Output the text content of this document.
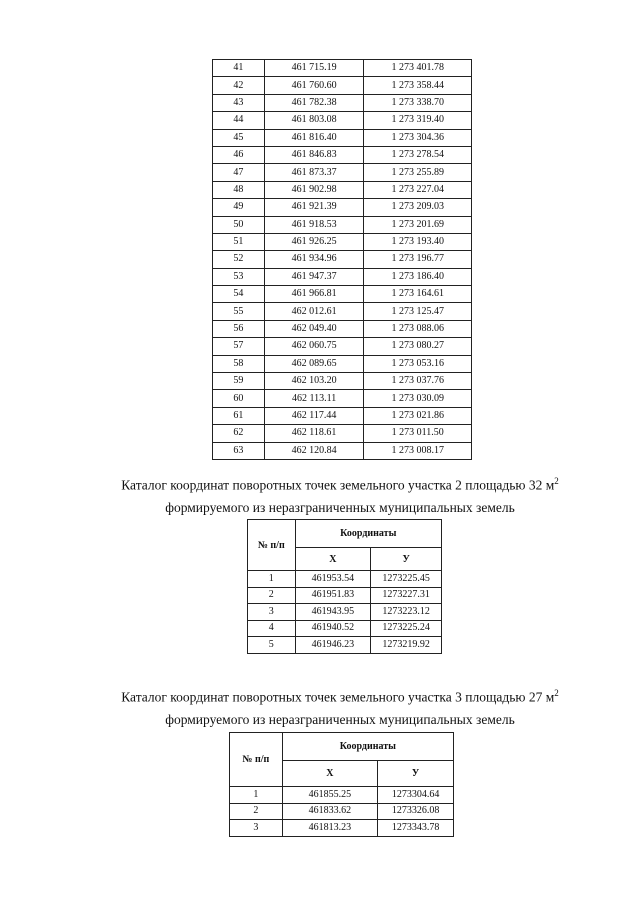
41	461 715.19	1 273 401.78
42	461 760.60	1 273 358.44
43	461 782.38	1 273 338.70
44	461 803.08	1 273 319.40
45	461 816.40	1 273 304.36
46	461 846.83	1 273 278.54
47	461 873.37	1 273 255.89
48	461 902.98	1 273 227.04
49	461 921.39	1 273 209.03
50	461 918.53	1 273 201.69
51	461 926.25	1 273 193.40
52	461 934.96	1 273 196.77
53	461 947.37	1 273 186.40
54	461 966.81	1 273 164.61
55	462 012.61	1 273 125.47
56	462 049.40	1 273 088.06
57	462 060.75	1 273 080.27
58	462 089.65	1 273 053.16
59	462 103.20	1 273 037.76
60	462 113.11	1 273 030.09
61	462 117.44	1 273 021.86
62	462 118.61	1 273 011.50
63	462 120.84	1 273 008.17
Каталог координат поворотных точек земельного участка 2 площадью 32 $м^2$
формируемого из неразграниченных муниципальных земель
№ п/п	Координаты	
	Х	У
1	461953.54	1273225.45
2	461951.83	1273227.31
3	461943.95	1273223.12
4	461940.52	1273225.24
5	461946.23	1273219.92
Каталог координат поворотных точек земельного участка 3 площадью 27 $м^2$
формируемого из неразграниченных муниципальных земель
№ п/п	Координаты	
	Х	У
1	461855.25	1273304.64
2	461833.62	1273326.08
3	461813.23	1273343.78
